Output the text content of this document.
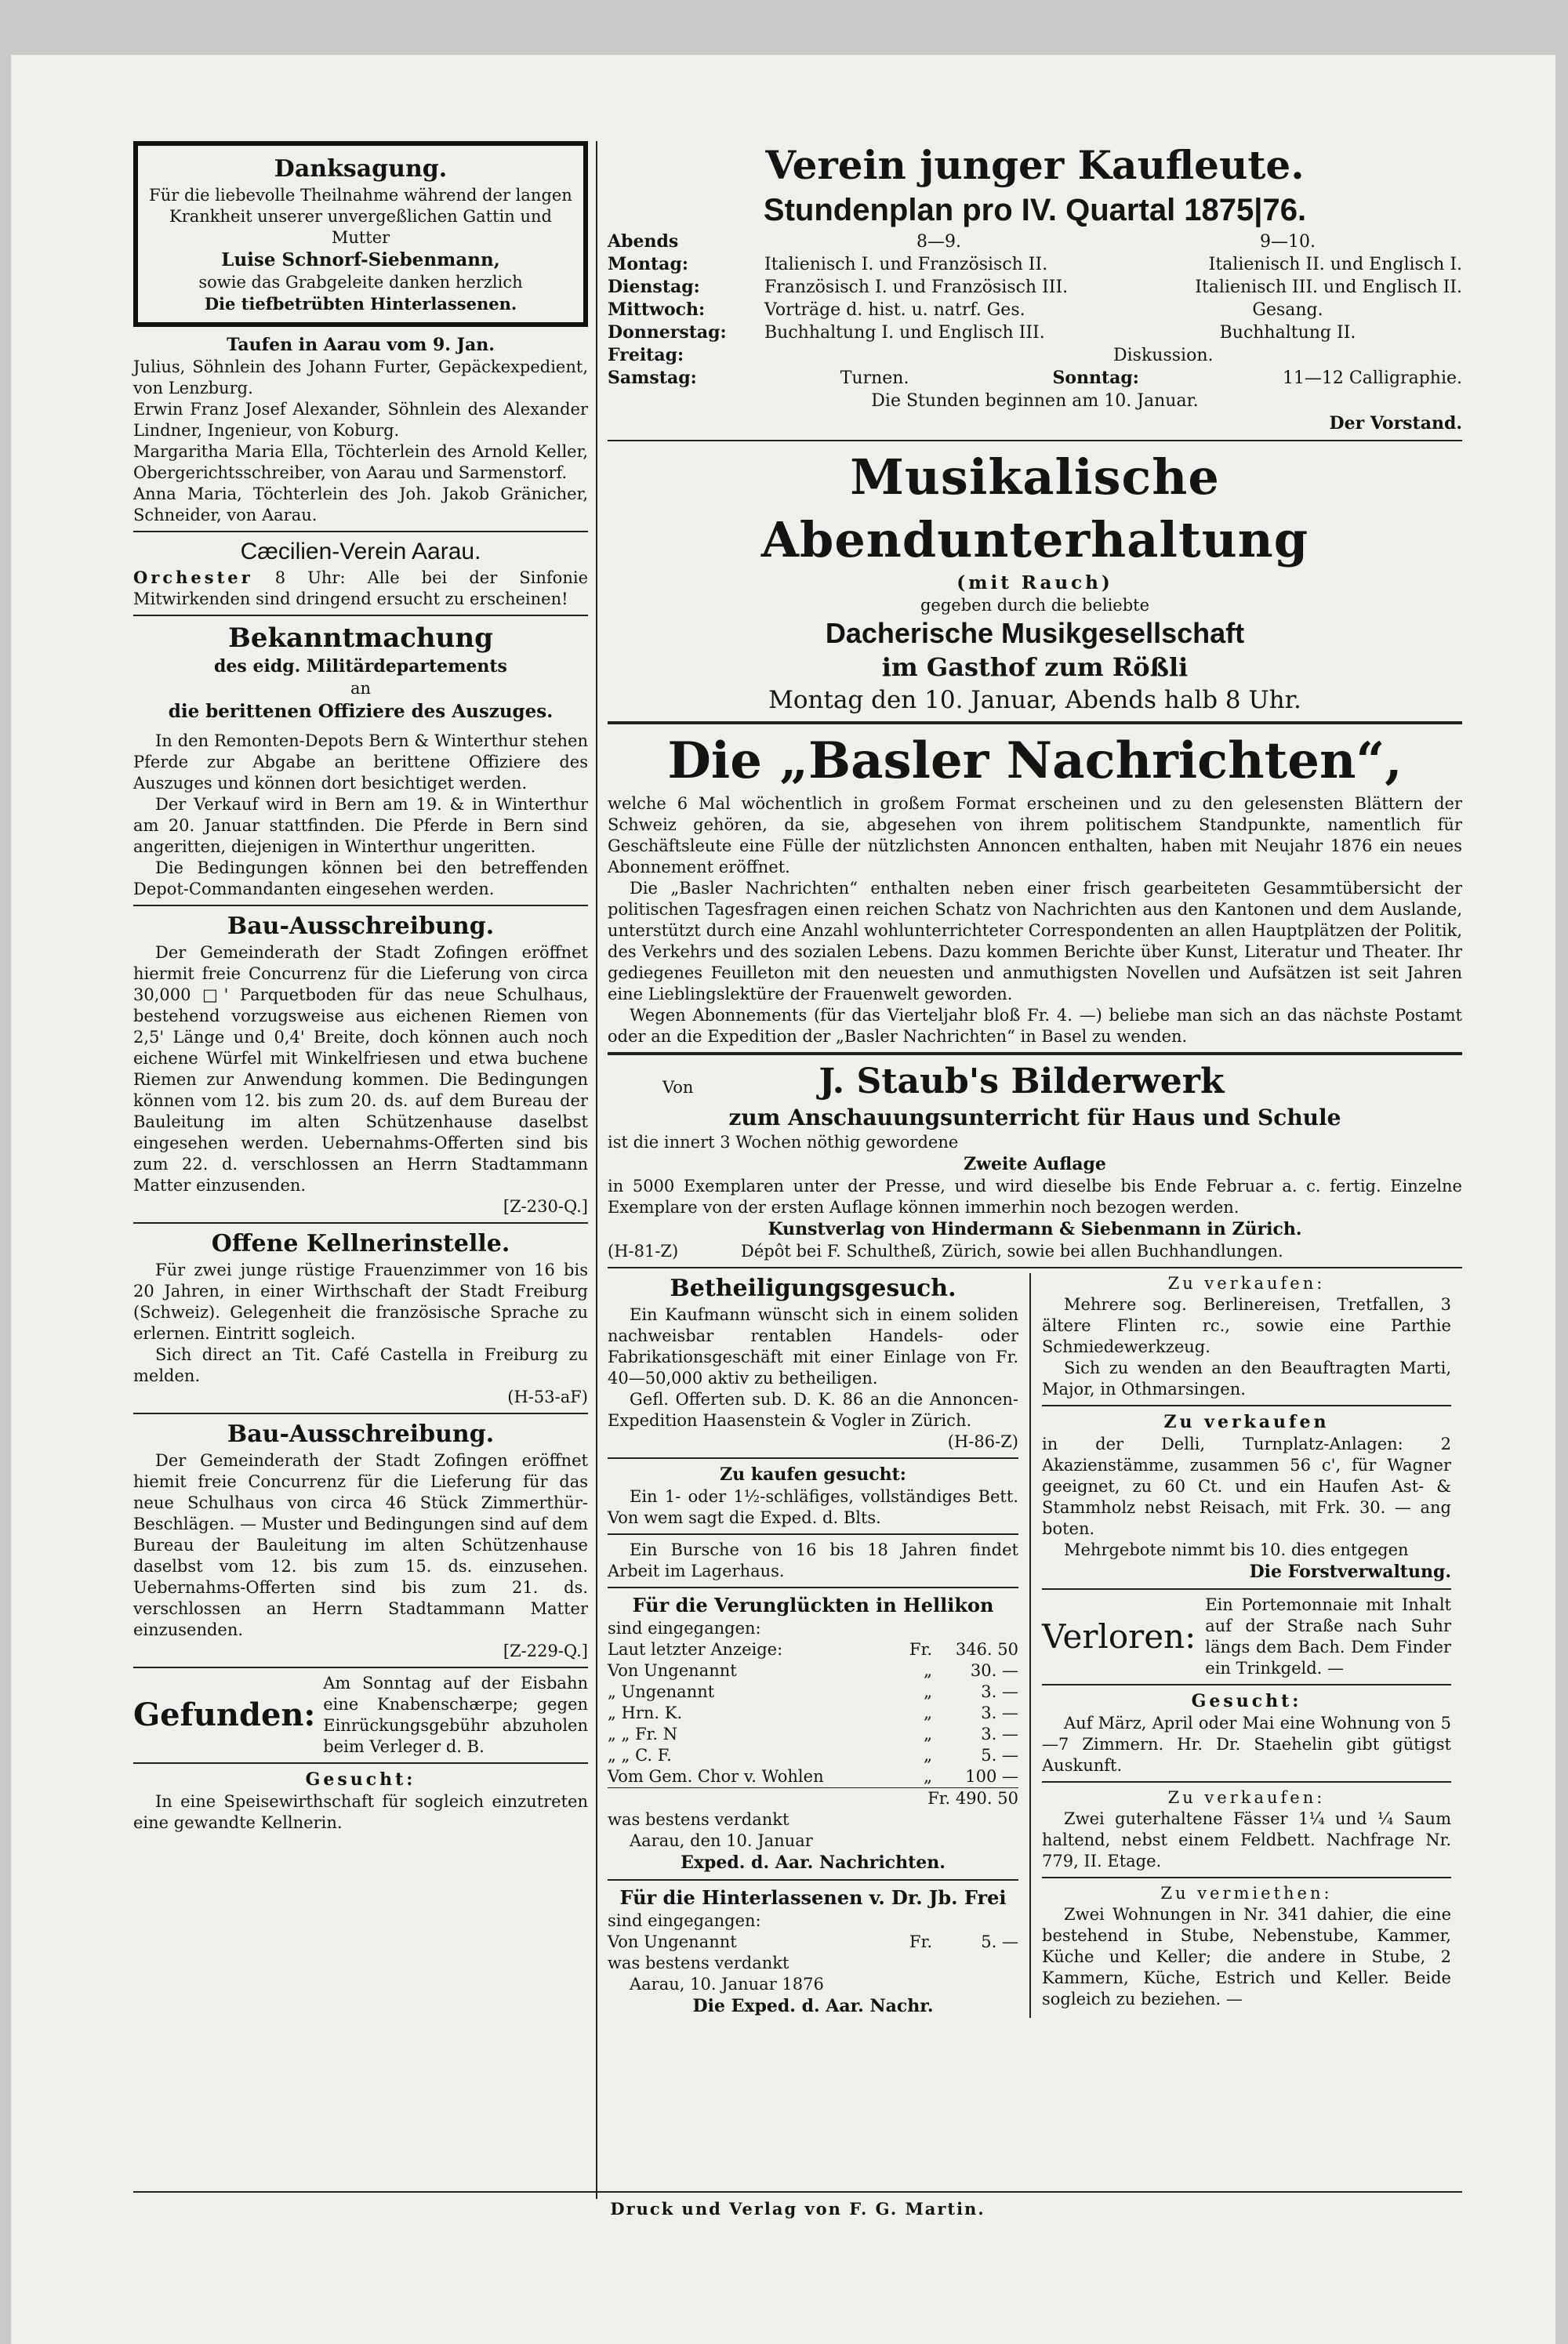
Danksagung.

Für die liebevolle Theilnahme während der langen Krankheit unserer unvergeßlichen Gattin und Mutter

Luise Schnorf-Siebenmann,

sowie das Grabgeleite danken herzlich

Die tiefbetrübten Hinterlassenen.

Taufen in Aarau vom 9. Jan.

Julius, Söhnlein des Johann Furter, Gepäckexpedient, von Lenzburg.

Erwin Franz Josef Alexander, Söhnlein des Alexander Lindner, Ingenieur, von Koburg.

Margaritha Maria Ella, Töchterlein des Arnold Keller, Obergerichtsschreiber, von Aarau und Sarmenstorf.

Anna Maria, Töchterlein des Joh. Jakob Gränicher, Schneider, von Aarau.

Cæcilien-Verein Aarau.

Orchester 8 Uhr: Alle bei der Sinfonie Mitwirkenden sind dringend ersucht zu erscheinen!

Bekanntmachung

des eidg. Militärdepartements

an

die berittenen Offiziere des Auszuges.

In den Remonten-Depots Bern & Winterthur stehen Pferde zur Abgabe an berittene Offiziere des Auszuges und können dort besichtiget werden.

Der Verkauf wird in Bern am 19. & in Winterthur am 20. Januar stattfinden. Die Pferde in Bern sind angeritten, diejenigen in Winterthur ungeritten.

Die Bedingungen können bei den betreffenden Depot-Commandanten eingesehen werden.

Bau-Ausschreibung.

Der Gemeinderath der Stadt Zofingen eröffnet hiermit freie Concurrenz für die Lieferung von circa 30,000 □' Parquetboden für das neue Schulhaus, bestehend vorzugsweise aus eichenen Riemen von 2,5' Länge und 0,4' Breite, doch können auch noch eichene Würfel mit Winkelfriesen und etwa buchene Riemen zur Anwendung kommen. Die Bedingungen können vom 12. bis zum 20. ds. auf dem Bureau der Bauleitung im alten Schützenhause daselbst eingesehen werden. Uebernahms-Offerten sind bis zum 22. d. verschlossen an Herrn Stadtammann Matter einzusenden.

[Z-230-Q.]

Offene Kellnerinstelle.

Für zwei junge rüstige Frauenzimmer von 16 bis 20 Jahren, in einer Wirthschaft der Stadt Freiburg (Schweiz). Gelegenheit die französische Sprache zu erlernen. Eintritt sogleich.

Sich direct an Tit. Café Castella in Freiburg zu melden.

(H-53-aF)

Bau-Ausschreibung.

Der Gemeinderath der Stadt Zofingen eröffnet hiemit freie Concurrenz für die Lieferung für das neue Schulhaus von circa 46 Stück Zimmerthür-Beschlägen. — Muster und Bedingungen sind auf dem Bureau der Bauleitung im alten Schützenhause daselbst vom 12. bis zum 15. ds. einzusehen. Uebernahms-Offerten sind bis zum 21. ds. verschlossen an Herrn Stadtammann Matter einzusenden.

[Z-229-Q.]

Gefunden:

Am Sonntag auf der Eisbahn eine Knabenschærpe; gegen Einrückungsgebühr abzuholen beim Verleger d. B.

Gesucht:

In eine Speisewirthschaft für sogleich einzutreten eine gewandte Kellnerin.

Verein junger Kaufleute.

Stundenplan pro IV. Quartal 1875|76.

Abends	8—9.	9—10.
Montag:	Italienisch I. und Französisch II.	Italienisch II. und Englisch I.
Dienstag:	Französisch I. und Französisch III.	Italienisch III. und Englisch II.
Mittwoch:	Vorträge d. hist. u. natrf. Ges.	Gesang.
Donnerstag:	Buchhaltung I. und Englisch III.	Buchhaltung II.
Freitag:	Diskussion.
Samstag:	Turnen.	Sonntag:	11—12 Calligraphie.

Die Stunden beginnen am 10. Januar.

Der Vorstand.

Musikalische Abendunterhaltung

(mit Rauch)

gegeben durch die beliebte

Dacherische Musikgesellschaft

im Gasthof zum Rößli

Montag den 10. Januar, Abends halb 8 Uhr.

Die „Basler Nachrichten“,

welche 6 Mal wöchentlich in großem Format erscheinen und zu den gelesensten Blättern der Schweiz gehören, da sie, abgesehen von ihrem politischem Standpunkte, namentlich für Geschäftsleute eine Fülle der nützlichsten Annoncen enthalten, haben mit Neujahr 1876 ein neues Abonnement eröffnet.

Die „Basler Nachrichten“ enthalten neben einer frisch gearbeiteten Gesammtübersicht der politischen Tagesfragen einen reichen Schatz von Nachrichten aus den Kantonen und dem Auslande, unterstützt durch eine Anzahl wohlunterrichteter Correspondenten an allen Hauptplätzen der Politik, des Verkehrs und des sozialen Lebens. Dazu kommen Berichte über Kunst, Literatur und Theater. Ihr gediegenes Feuilleton mit den neuesten und anmuthigsten Novellen und Aufsätzen ist seit Jahren eine Lieblingslektüre der Frauenwelt geworden.

Wegen Abonnements (für das Vierteljahr bloß Fr. 4. —) beliebe man sich an das nächste Postamt oder an die Expedition der „Basler Nachrichten“ in Basel zu wenden.

Von	J. Staub's Bilderwerk

zum Anschauungsunterricht für Haus und Schule

ist die innert 3 Wochen nöthig gewordene

Zweite Auflage

in 5000 Exemplaren unter der Presse, und wird dieselbe bis Ende Februar a. c. fertig. Einzelne Exemplare von der ersten Auflage können immerhin noch bezogen werden.

Kunstverlag von Hindermann & Siebenmann in Zürich.

(H-81-Z)	Dépôt bei F. Schultheß, Zürich, sowie bei allen Buchhandlungen.

Betheiligungsgesuch.

Ein Kaufmann wünscht sich in einem soliden nachweisbar rentablen Handels- oder Fabrikationsgeschäft mit einer Einlage von Fr. 40—50,000 aktiv zu betheiligen.

Gefl. Offerten sub. D. K. 86 an die Annoncen-Expedition Haasenstein & Vogler in Zürich.

(H-86-Z)

Zu kaufen gesucht:

Ein 1- oder 1½-schläfiges, vollständiges Bett. Von wem sagt die Exped. d. Blts.

Ein Bursche von 16 bis 18 Jahren findet Arbeit im Lagerhaus.

Für die Verunglückten in Hellikon

sind eingegangen:

Laut letzter Anzeige:	Fr.	346. 50
Von Ungenannt	„	30. —
„ Ungenannt	„	3. —
„ Hrn. K.	„	3. —
„ „ Fr. N	„	3. —
„ „ C. F.	„	5. —
Vom Gem. Chor v. Wohlen	„	100 —

Fr. 490. 50

was bestens verdankt

Aarau, den 10. Januar

Exped. d. Aar. Nachrichten.

Für die Hinterlassenen v. Dr. Jb. Frei

sind eingegangen:

Von Ungenannt	Fr.	5. —

was bestens verdankt

Aarau, 10. Januar 1876

Die Exped. d. Aar. Nachr.

Zu verkaufen:

Mehrere sog. Berlinereisen, Tretfallen, 3 ältere Flinten rc., sowie eine Parthie Schmiedewerkzeug.

Sich zu wenden an den Beauftragten Marti, Major, in Othmarsingen.

Zu verkaufen

in der Delli, Turnplatz-Anlagen: 2 Akazienstämme, zusammen 56 c', für Wagner geeignet, zu 60 Ct. und ein Haufen Ast- & Stammholz nebst Reisach, mit Frk. 30. — ang boten.

Mehrgebote nimmt bis 10. dies entgegen

Die Forstverwaltung.

Verloren:

Ein Portemonnaie mit Inhalt auf der Straße nach Suhr längs dem Bach. Dem Finder ein Trinkgeld. —

Gesucht:

Auf März, April oder Mai eine Wohnung von 5—7 Zimmern. Hr. Dr. Staehelin gibt gütigst Auskunft.

Zu verkaufen:

Zwei guterhaltene Fässer 1¼ und ¼ Saum haltend, nebst einem Feldbett. Nachfrage Nr. 779, II. Etage.

Zu vermiethen:

Zwei Wohnungen in Nr. 341 dahier, die eine bestehend in Stube, Nebenstube, Kammer, Küche und Keller; die andere in Stube, 2 Kammern, Küche, Estrich und Keller. Beide sogleich zu beziehen. —

Druck und Verlag von F. G. Martin.
